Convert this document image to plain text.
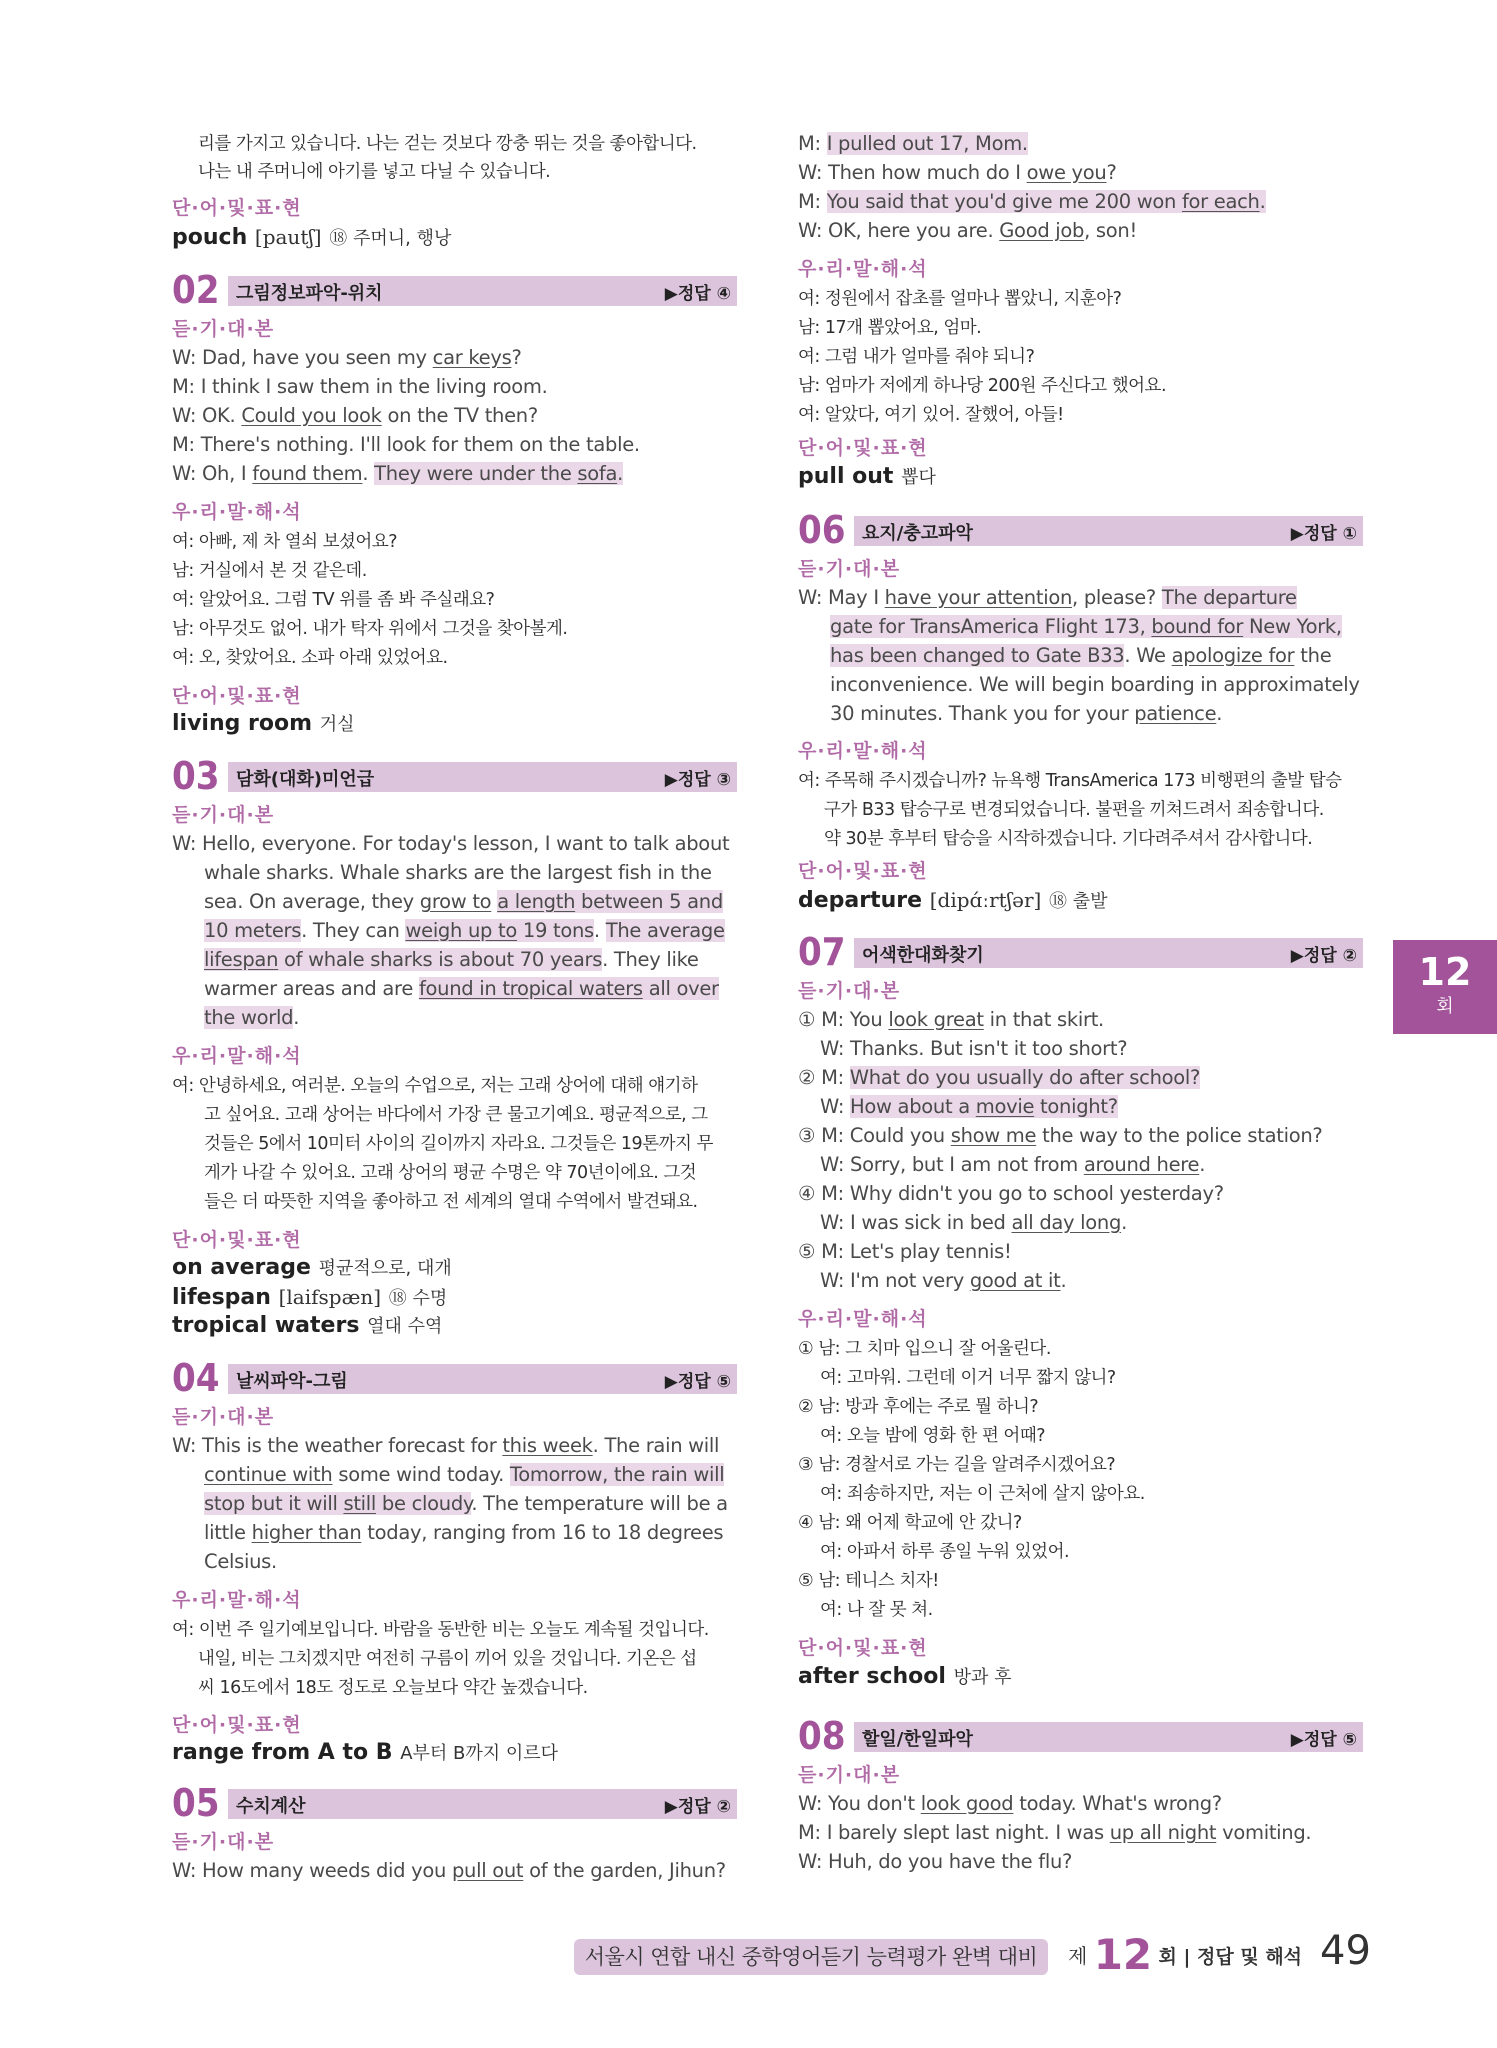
리를 가지고 있습니다. 나는 걷는 것보다 깡충 뛰는 것을 좋아합니다.
나는 내 주머니에 아기를 넣고 다닐 수 있습니다.
단·어·및·표·현
pouch [pautʃ] ⑱ 주머니, 행낭
02 그림정보파악-위치	▶정답 ④
듣·기·대·본
W: Dad, have you seen my car keys?
M: I think I saw them in the living room.
W: OK. Could you look on the TV then?
M: There's nothing. I'll look for them on the table.
W: Oh, I found them. They were under the sofa.
우·리·말·해·석
여: 아빠, 제 차 열쇠 보셨어요?
남: 거실에서 본 것 같은데.
여: 알았어요. 그럼 TV 위를 좀 봐 주실래요?
남: 아무것도 없어. 내가 탁자 위에서 그것을 찾아볼게.
여: 오, 찾았어요. 소파 아래 있었어요.
단·어·및·표·현
living room 거실
03 담화(대화)미언급	▶정답 ③
듣·기·대·본
W: Hello, everyone. For today's lesson, I want to talk about
whale sharks. Whale sharks are the largest fish in the
sea. On average, they grow to a length between 5 and
10 meters. They can weigh up to 19 tons. The average
lifespan of whale sharks is about 70 years. They like
warmer areas and are found in tropical waters all over
the world.
우·리·말·해·석
여: 안녕하세요, 여러분. 오늘의 수업으로, 저는 고래 상어에 대해 얘기하
고 싶어요. 고래 상어는 바다에서 가장 큰 물고기예요. 평균적으로, 그
것들은 5에서 10미터 사이의 길이까지 자라요. 그것들은 19톤까지 무
게가 나갈 수 있어요. 고래 상어의 평균 수명은 약 70년이에요. 그것
들은 더 따뜻한 지역을 좋아하고 전 세계의 열대 수역에서 발견돼요.
단·어·및·표·현
on average 평균적으로, 대개
lifespan [laifspæn] ⑱ 수명
tropical waters 열대 수역
04 날씨파악-그림	▶정답 ⑤
듣·기·대·본
W: This is the weather forecast for this week. The rain will
continue with some wind today. Tomorrow, the rain will
stop but it will still be cloudy. The temperature will be a
little higher than today, ranging from 16 to 18 degrees
Celsius.
우·리·말·해·석
여: 이번 주 일기예보입니다. 바람을 동반한 비는 오늘도 계속될 것입니다.
내일, 비는 그치겠지만 여전히 구름이 끼어 있을 것입니다. 기온은 섭
씨 16도에서 18도 정도로 오늘보다 약간 높겠습니다.
단·어·및·표·현
range from A to B A부터 B까지 이르다
05 수치계산	▶정답 ②
듣·기·대·본
W: How many weeds did you pull out of the garden, Jihun?
M: I pulled out 17, Mom.
W: Then how much do I owe you?
M: You said that you'd give me 200 won for each.
W: OK, here you are. Good job, son!
우·리·말·해·석
여: 정원에서 잡초를 얼마나 뽑았니, 지훈아?
남: 17개 뽑았어요, 엄마.
여: 그럼 내가 얼마를 줘야 되니?
남: 엄마가 저에게 하나당 200원 주신다고 했어요.
여: 알았다, 여기 있어. 잘했어, 아들!
단·어·및·표·현
pull out 뽑다
06 요지/충고파악	▶정답 ①
듣·기·대·본
W: May I have your attention, please? The departure
gate for TransAmerica Flight 173, bound for New York,
has been changed to Gate B33. We apologize for the
inconvenience. We will begin boarding in approximately
30 minutes. Thank you for your patience.
우·리·말·해·석
여: 주목해 주시겠습니까? 뉴욕행 TransAmerica 173 비행편의 출발 탑승
구가 B33 탑승구로 변경되었습니다. 불편을 끼쳐드려서 죄송합니다.
약 30분 후부터 탑승을 시작하겠습니다. 기다려주셔서 감사합니다.
단·어·및·표·현
departure [dipɑ́ːrtʃər] ⑱ 출발
07 어색한대화찾기	▶정답 ②
듣·기·대·본
① M: You look great in that skirt.
W: Thanks. But isn't it too short?
② M: What do you usually do after school?
W: How about a movie tonight?
③ M: Could you show me the way to the police station?
W: Sorry, but I am not from around here.
④ M: Why didn't you go to school yesterday?
W: I was sick in bed all day long.
⑤ M: Let's play tennis!
W: I'm not very good at it.
우·리·말·해·석
① 남: 그 치마 입으니 잘 어울린다.
여: 고마워. 그런데 이거 너무 짧지 않니?
② 남: 방과 후에는 주로 뭘 하니?
여: 오늘 밤에 영화 한 편 어때?
③ 남: 경찰서로 가는 길을 알려주시겠어요?
여: 죄송하지만, 저는 이 근처에 살지 않아요.
④ 남: 왜 어제 학교에 안 갔니?
여: 아파서 하루 종일 누워 있었어.
⑤ 남: 테니스 치자!
여: 나 잘 못 쳐.
단·어·및·표·현
after school 방과 후
08 할일/한일파악	▶정답 ⑤
듣·기·대·본
W: You don't look good today. What's wrong?
M: I barely slept last night. I was up all night vomiting.
W: Huh, do you have the flu?
12
회
서울시 연합 내신 중학영어듣기 능력평가 완벽 대비	제 12 회 | 정답 및 해석 49
